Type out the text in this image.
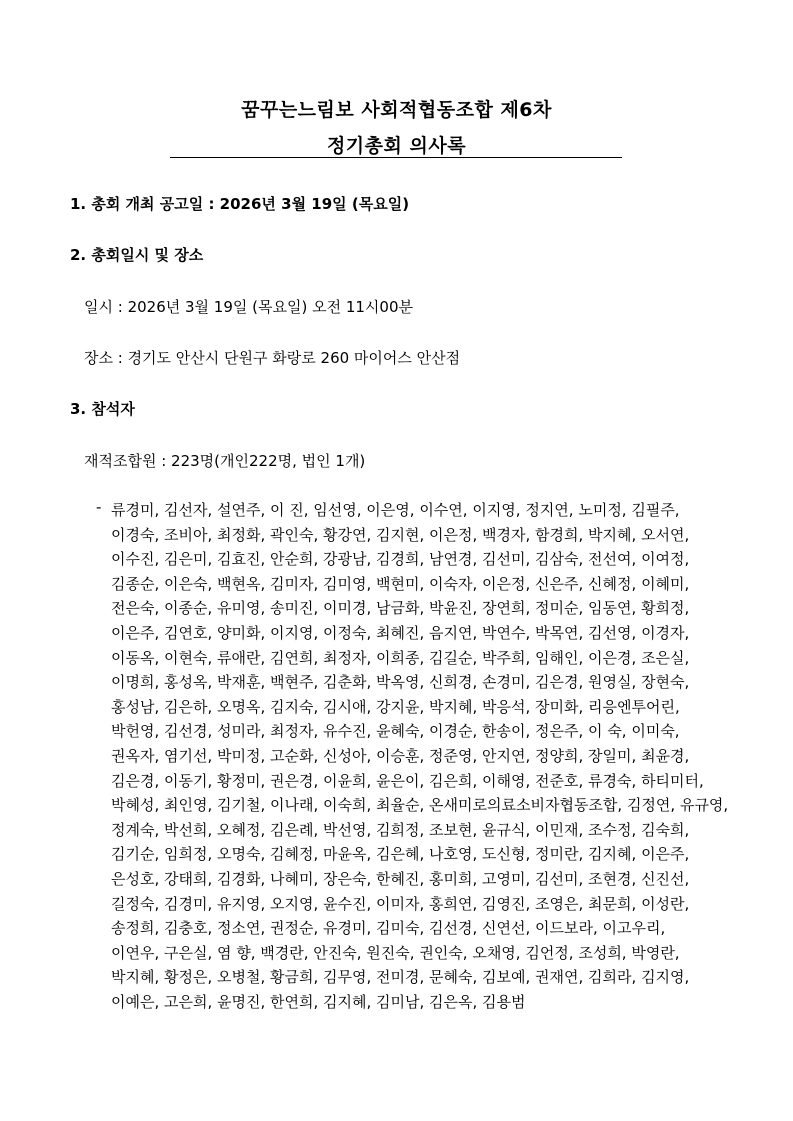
꿈꾸는느림보 사회적협동조합 제6차
정기총회 의사록
1. 총회 개최 공고일 : 2026년 3월 19일 (목요일)
2. 총회일시 및 장소
일시 : 2026년 3월 19일 (목요일) 오전 11시00분
장소 : 경기도 안산시 단원구 화랑로 260 마이어스 안산점
3. 참석자
재적조합원 : 223명(개인222명, 법인 1개)
- 류경미, 김선자, 설연주, 이 진, 임선영, 이은영, 이수연, 이지영, 정지연, 노미정, 김필주,
이경숙, 조비아, 최정화, 곽인숙, 황강연, 김지현, 이은정, 백경자, 함경희, 박지혜, 오서연,
이수진, 김은미, 김효진, 안순희, 강광남, 김경희, 남연경, 김선미, 김삼숙, 전선여, 이여정,
김종순, 이은숙, 백현옥, 김미자, 김미영, 백현미, 이숙자, 이은정, 신은주, 신혜정, 이혜미,
전은숙, 이종순, 유미영, 송미진, 이미경, 남금화, 박윤진, 장연희, 정미순, 임동연, 황희정,
이은주, 김연호, 양미화, 이지영, 이정숙, 최혜진, 음지연, 박연수, 박목연, 김선영, 이경자,
이동옥, 이현숙, 류애란, 김연희, 최정자, 이희종, 김길순, 박주희, 임해인, 이은경, 조은실,
이명희, 홍성옥, 박재훈, 백현주, 김춘화, 박옥영, 신희경, 손경미, 김은경, 원영실, 장현숙,
홍성남, 김은하, 오명옥, 김지숙, 김시애, 강지윤, 박지혜, 박응석, 장미화, 리응엔투어린,
박헌영, 김선경, 성미라, 최정자, 유수진, 윤혜숙, 이경순, 한송이, 정은주, 이 숙, 이미숙,
권옥자, 염기선, 박미정, 고순화, 신성아, 이승훈, 정준영, 안지연, 정양희, 장일미, 최윤경,
김은경, 이동기, 황정미, 권은경, 이윤희, 윤은이, 김은희, 이해영, 전준호, 류경숙, 하티미터,
박혜성, 최인영, 김기철, 이나래, 이숙희, 최율순, 온새미로의료소비자협동조합, 김정연, 유규영,
정계숙, 박선희, 오혜정, 김은례, 박선영, 김희정, 조보현, 윤규식, 이민재, 조수정, 김숙희,
김기순, 임희정, 오명숙, 김혜정, 마윤옥, 김은혜, 나호영, 도신형, 정미란, 김지혜, 이은주,
은성호, 강태희, 김경화, 나혜미, 장은숙, 한혜진, 홍미희, 고영미, 김선미, 조현경, 신진선,
길정숙, 김경미, 유지영, 오지영, 윤수진, 이미자, 홍희연, 김영진, 조영은, 최문희, 이성란,
송정희, 김충호, 정소연, 권정순, 유경미, 김미숙, 김선경, 신연선, 이드보라, 이고우리,
이연우, 구은실, 염 향, 백경란, 안진숙, 원진숙, 권인숙, 오채영, 김언정, 조성희, 박영란,
박지혜, 황정은, 오병철, 황금희, 김무영, 전미경, 문혜숙, 김보예, 권재연, 김희라, 김지영,
이예은, 고은희, 윤명진, 한연희, 김지혜, 김미남, 김은옥, 김용범
